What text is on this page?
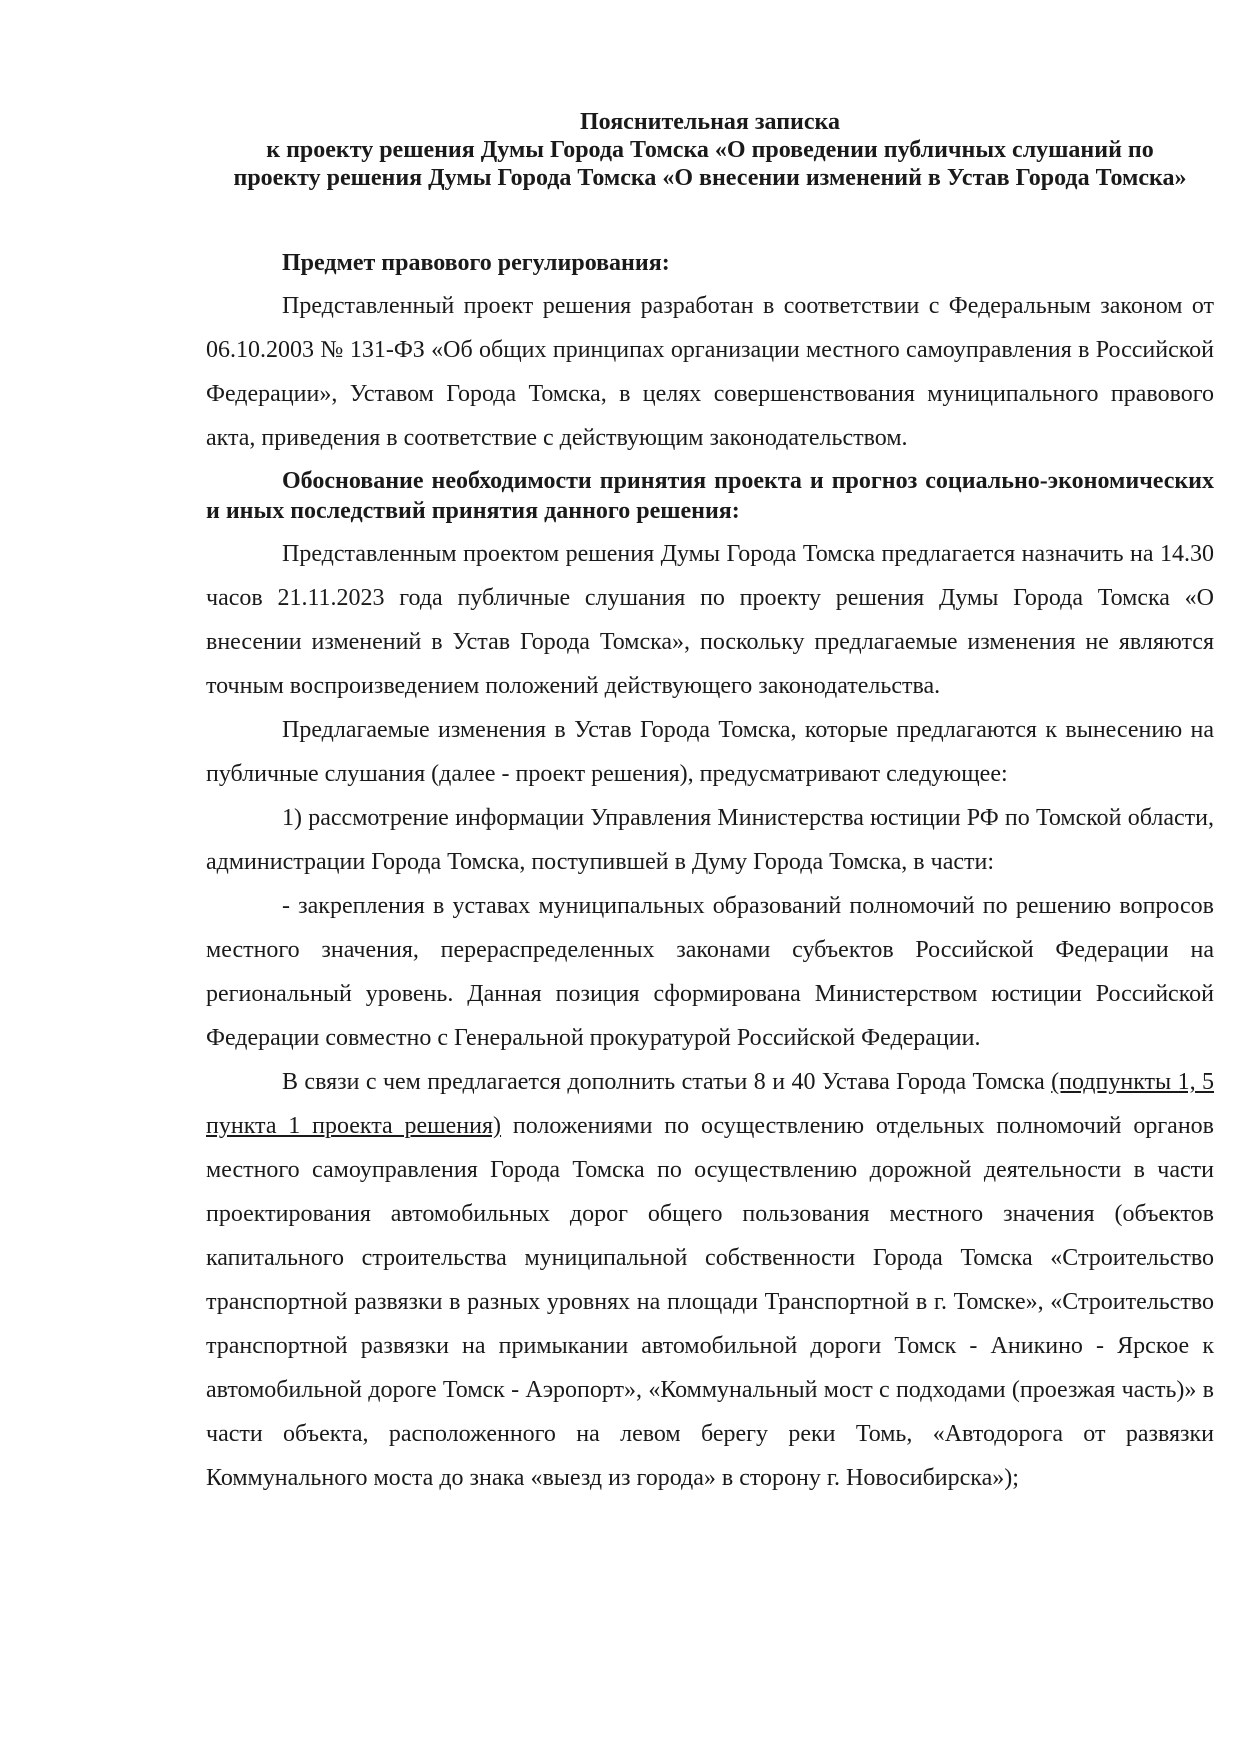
Пояснительная записка
к проекту решения Думы Города Томска «О проведении публичных слушаний по
проекту решения Думы Города Томска «О внесении изменений в Устав Города Томска»
Предмет правового регулирования:

Представленный проект решения разработан в соответствии с Федеральным законом от 06.10.2003 № 131-ФЗ «Об общих принципах организации местного самоуправления в Российской Федерации», Уставом Города Томска, в целях совершенствования муниципального правового акта, приведения в соответствие с действующим законодательством.

Обоснование необходимости принятия проекта и прогноз социально-экономических и иных последствий принятия данного решения:

Представленным проектом решения Думы Города Томска предлагается назначить на 14.30 часов 21.11.2023 года публичные слушания по проекту решения Думы Города Томска «О внесении изменений в Устав Города Томска», поскольку предлагаемые изменения не являются точным воспроизведением положений действующего законодательства.

Предлагаемые изменения в Устав Города Томска, которые предлагаются к вынесению на публичные слушания (далее - проект решения), предусматривают следующее:

1) рассмотрение информации Управления Министерства юстиции РФ по Томской области, администрации Города Томска, поступившей в Думу Города Томска, в части:

- закрепления в уставах муниципальных образований полномочий по решению вопросов местного значения, перераспределенных законами субъектов Российской Федерации на региональный уровень. Данная позиция сформирована Министерством юстиции Российской Федерации совместно с Генеральной прокуратурой Российской Федерации.

В связи с чем предлагается дополнить статьи 8 и 40 Устава Города Томска (подпункты 1, 5 пункта 1 проекта решения) положениями по осуществлению отдельных полномочий органов местного самоуправления Города Томска по осуществлению дорожной деятельности в части проектирования автомобильных дорог общего пользования местного значения (объектов капитального строительства муниципальной собственности Города Томска «Строительство транспортной развязки в разных уровнях на площади Транспортной в г. Томске», «Строительство транспортной развязки на примыкании автомобильной дороги Томск - Аникино - Ярское к автомобильной дороге Томск - Аэропорт», «Коммунальный мост с подходами (проезжая часть)» в части объекта, расположенного на левом берегу реки Томь, «Автодорога от развязки Коммунального моста до знака «выезд из города» в сторону г. Новосибирска»);
